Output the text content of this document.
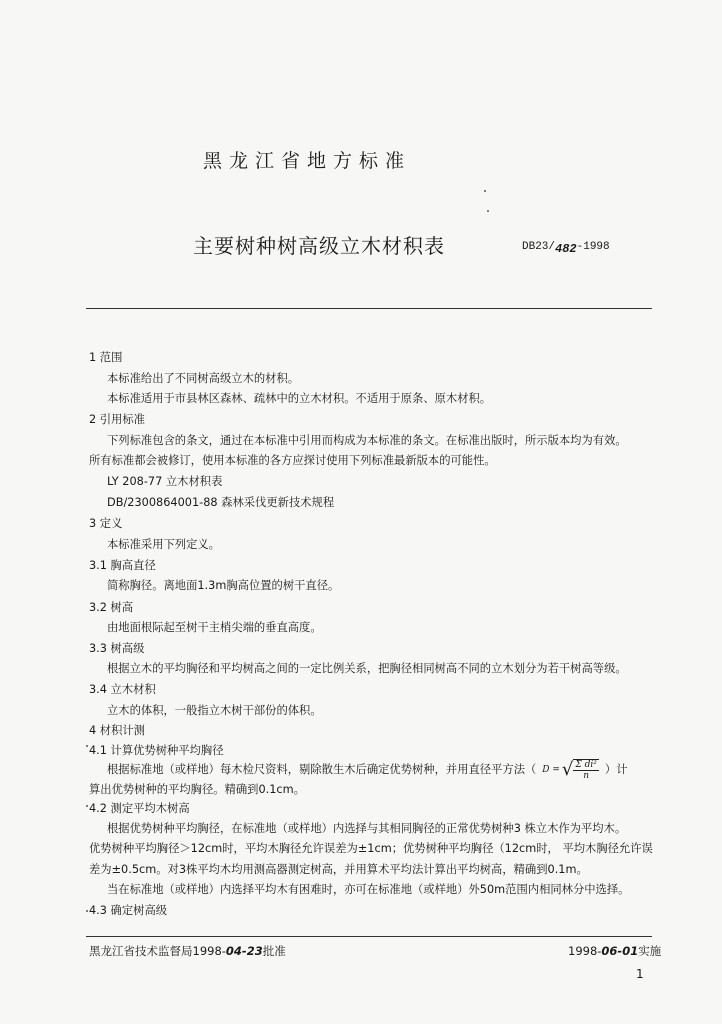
黑龙江省地方标准
主要树种树高级立木材积表	DB23/482-1998
1 范围
本标准给出了不同树高级立木的材积。
本标准适用于市县林区森林、疏林中的立木材积。不适用于原条、原木材积。
2 引用标准
下列标准包含的条文，通过在本标准中引用而构成为本标准的条文。在标准出版时，所示版本均为有效。
所有标准都会被修订，使用本标准的各方应探讨使用下列标准最新版本的可能性。
LY 208-77 立木材积表
DB/2300864001-88 森林采伐更新技术规程
3 定义
本标准采用下列定义。
3.1 胸高直径
简称胸径。离地面1.3m胸高位置的树干直径。
3.2 树高
由地面根际起至树干主梢尖端的垂直高度。
3.3 树高级
根据立木的平均胸径和平均树高之间的一定比例关系，把胸径相同树高不同的立木划分为若干树高等级。
3.4 立木材积
立木的体积，一般指立木树干部份的体积。
4 材积计测
4.1 计算优势树种平均胸径
根据标准地（或样地）每木检尺资料，剔除散生木后确定优势树种，并用直径平方法（ D = √ $\frac{\text{Σ di²}}{n}$ ）计
算出优势树种的平均胸径。精确到0.1cm。
4.2 测定平均木树高
根据优势树种平均胸径，在标准地（或样地）内选择与其相同胸径的正常优势树种3 株立木作为平均木。
优势树种平均胸径＞12cm时，平均木胸径允许误差为±1cm；优势树种平均胸径（12cm时， 平均木胸径允许误
差为±0.5cm。对3株平均木均用测高器测定树高，并用算术平均法计算出平均树高，精确到0.1m。
当在标准地（或样地）内选择平均木有困难时，亦可在标准地（或样地）外50m范围内相同林分中选择。
4.3 确定树高级
黑龙江省技术监督局1998-04-23批准	1998-06-01实施
1
